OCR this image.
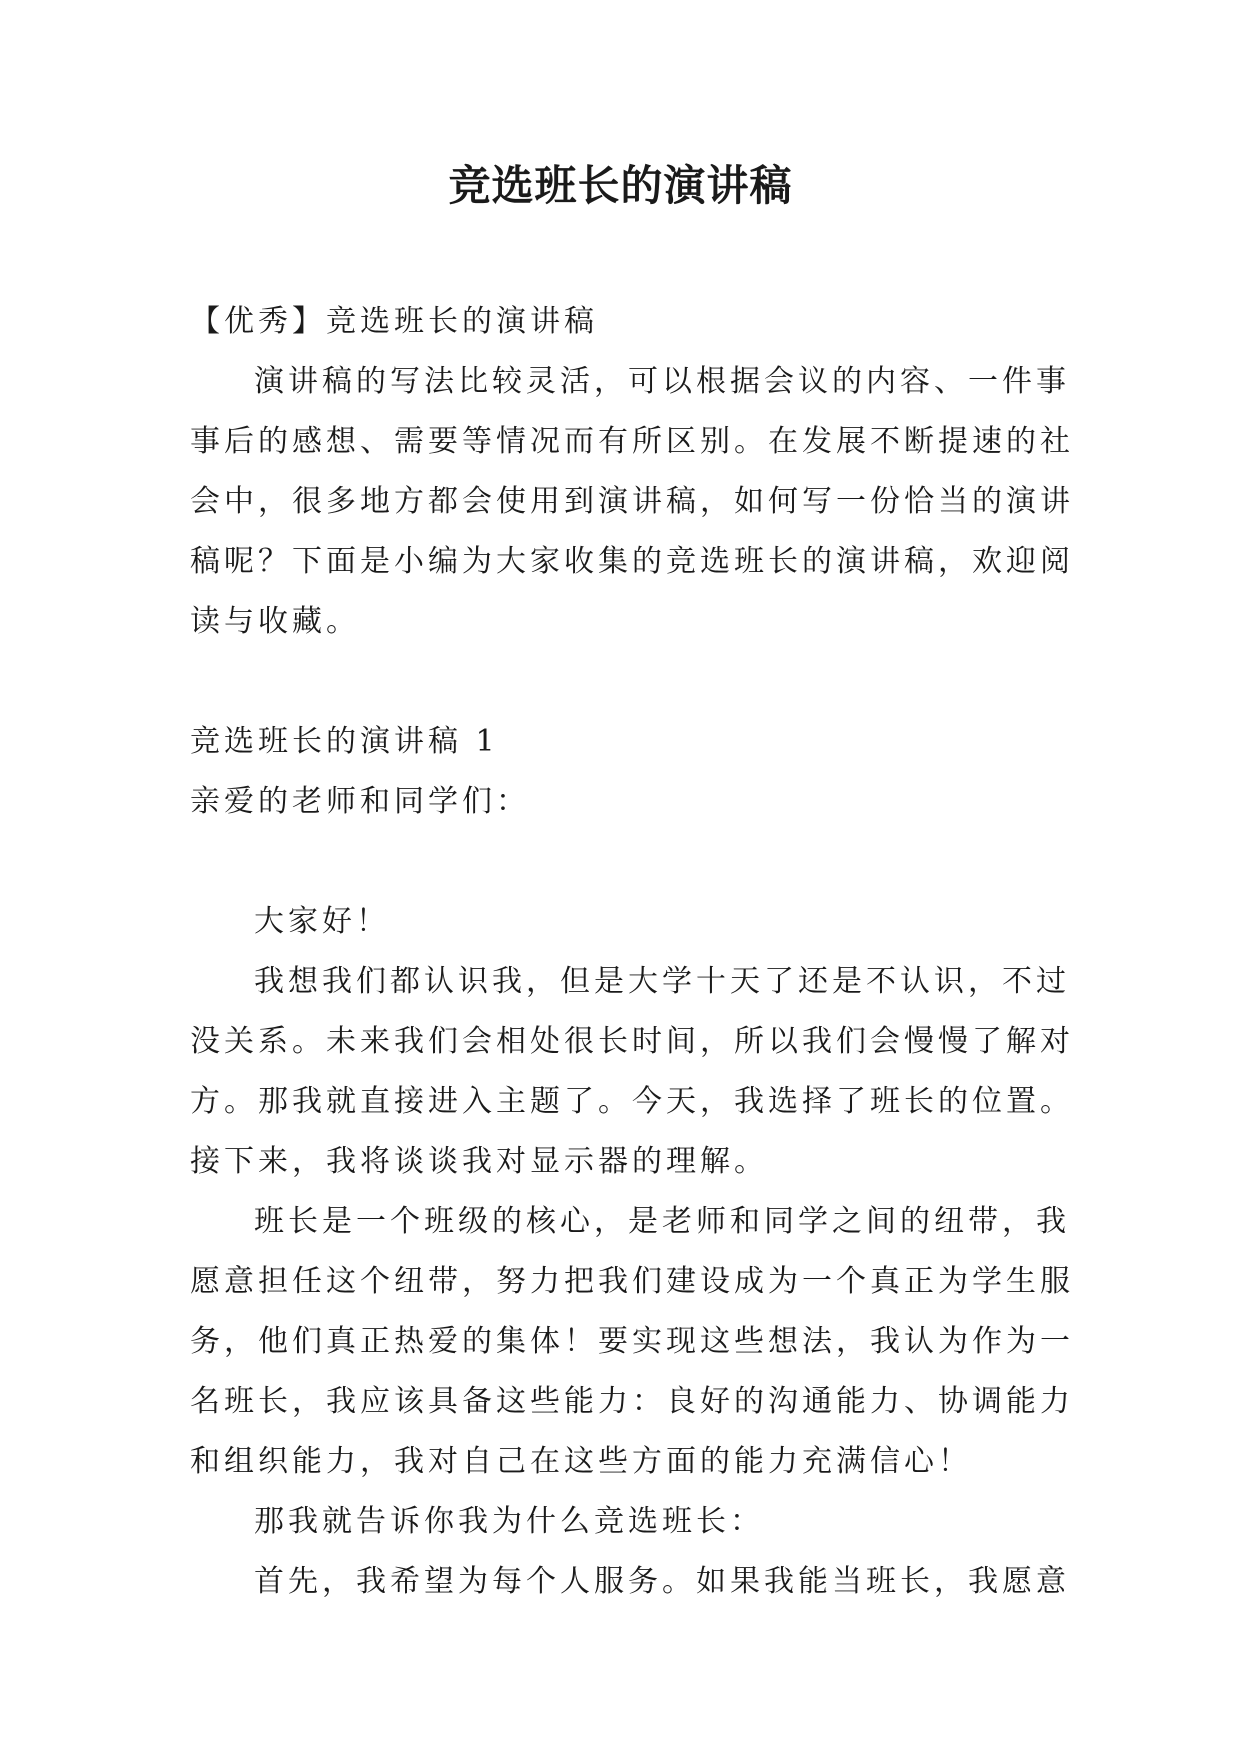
竞选班长的演讲稿
【优秀】竞选班长的演讲稿
演讲稿的写法比较灵活，可以根据会议的内容、一件事
事后的感想、需要等情况而有所区别。在发展不断提速的社
会中，很多地方都会使用到演讲稿，如何写一份恰当的演讲
稿呢？下面是小编为大家收集的竞选班长的演讲稿，欢迎阅
读与收藏。
竞选班长的演讲稿 1
亲爱的老师和同学们：
大家好！
我想我们都认识我，但是大学十天了还是不认识，不过
没关系。未来我们会相处很长时间，所以我们会慢慢了解对
方。那我就直接进入主题了。今天，我选择了班长的位置。
接下来，我将谈谈我对显示器的理解。
班长是一个班级的核心，是老师和同学之间的纽带，我
愿意担任这个纽带，努力把我们建设成为一个真正为学生服
务，他们真正热爱的集体！要实现这些想法，我认为作为一
名班长，我应该具备这些能力：良好的沟通能力、协调能力
和组织能力，我对自己在这些方面的能力充满信心！
那我就告诉你我为什么竞选班长：
首先，我希望为每个人服务。如果我能当班长，我愿意
